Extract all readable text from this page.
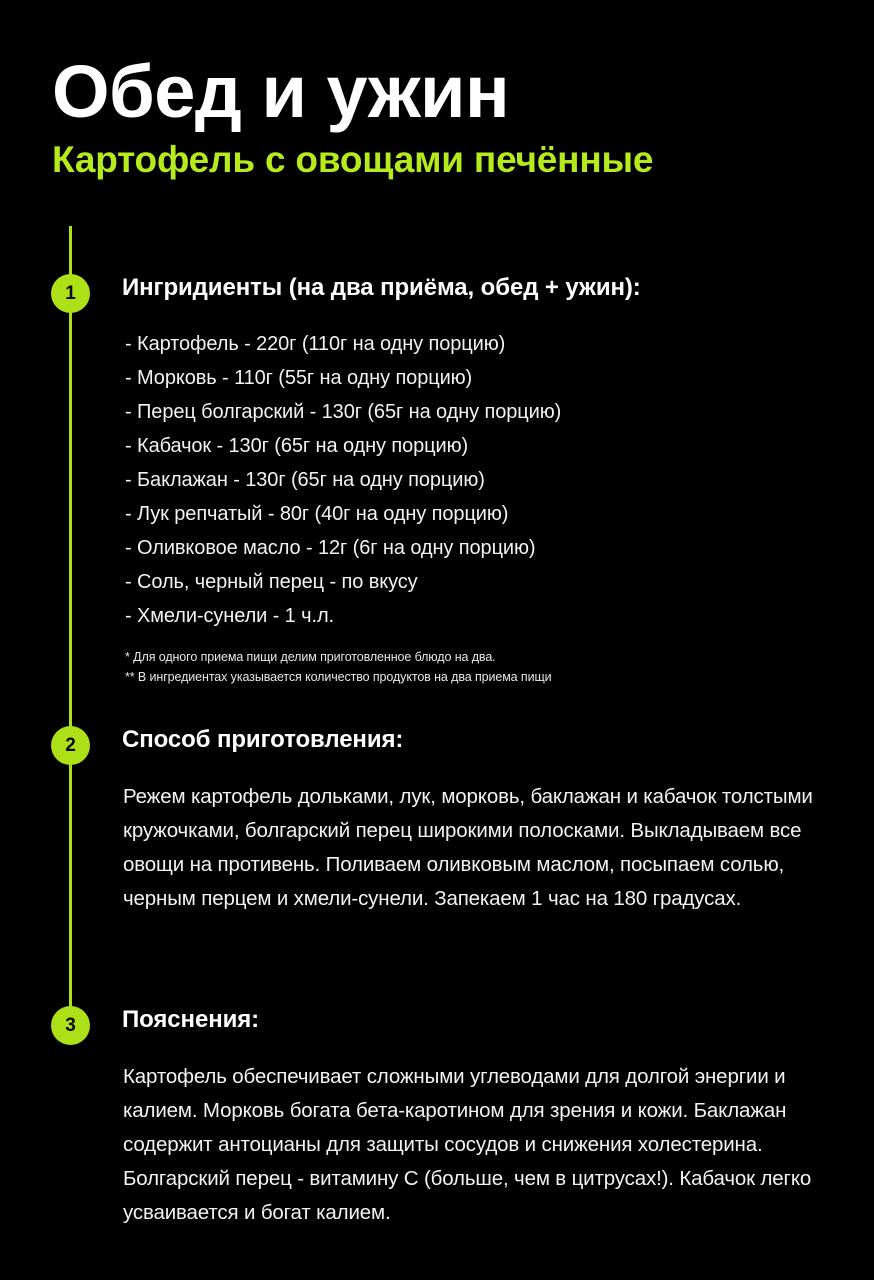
Обед и ужин
Картофель с овощами печённые
1	Ингридиенты (на два приёма, обед + ужин):
- Картофель - 220г (110г на одну порцию)
- Морковь - 110г (55г на одну порцию)
- Перец болгарский - 130г (65г на одну порцию)
- Кабачок - 130г (65г на одну порцию)
- Баклажан - 130г (65г на одну порцию)
- Лук репчатый - 80г (40г на одну порцию)
- Оливковое масло - 12г (6г на одну порцию)
- Соль, черный перец - по вкусу
- Хмели-сунели - 1 ч.л.

* Для одного приема пищи делим приготовленное блюдо на два.

** В ингредиентах указывается количество продуктов на два приема пищи

2	Способ приготовления:

Режем картофель дольками, лук, морковь, баклажан и кабачок толстыми кружочками, болгарский перец широкими полосками. Выкладываем все овощи на противень. Поливаем оливковым маслом, посыпаем солью, черным перцем и хмели-сунели. Запекаем 1 час на 180 градусах.

3	Пояснения:

Картофель обеспечивает сложными углеводами для долгой энергии и калием. Морковь богата бета-каротином для зрения и кожи. Баклажан содержит антоцианы для защиты сосудов и снижения холестерина. Болгарский перец - витамину С (больше, чем в цитрусах!). Кабачок легко усваивается и богат калием.
